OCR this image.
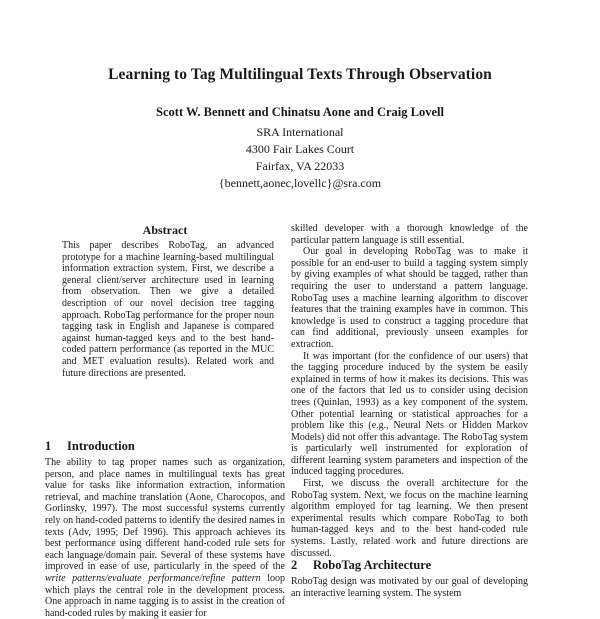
Learning to Tag Multilingual Texts Through Observation
Scott W. Bennett and Chinatsu Aone and Craig Lovell
SRA International
4300 Fair Lakes Court
Fairfax, VA 22033
{bennett,aonec,lovellc}@sra.com
Abstract

This paper describes RoboTag, an advanced prototype for a machine learning-based multilingual information extraction system. First, we describe a general client/server architecture used in learning from observation. Then we give a detailed description of our novel decision tree tagging approach. RoboTag performance for the proper noun tagging task in English and Japanese is compared against human-tagged keys and to the best hand-coded pattern performance (as reported in the MUC and MET evaluation results). Related work and future directions are presented.

1 Introduction

The ability to tag proper names such as organization, person, and place names in multilingual texts has great value for tasks like information extraction, information retrieval, and machine translation (Aone, Charocopos, and Gorlinsky, 1997). The most successful systems currently rely on hand-coded patterns to identify the desired names in texts (Adv, 1995; Def 1996). This approach achieves its best performance using different hand-coded rule sets for each language/domain pair. Several of these systems have improved in ease of use, particularly in the speed of the write patterns/evaluate performance/refine pattern loop which plays the central role in the development process. One approach in name tagging is to assist in the creation of hand-coded rules by making it easier for

skilled developer with a thorough knowledge of the particular pattern language is still essential.

Our goal in developing RoboTag was to make it possible for an end-user to build a tagging system simply by giving examples of what should be tagged, rather than requiring the user to understand a pattern language. RoboTag uses a machine learning algorithm to discover features that the training examples have in common. This knowledge is used to construct a tagging procedure that can find additional, previously unseen examples for extraction.

It was important (for the confidence of our users) that the tagging procedure induced by the system be easily explained in terms of how it makes its decisions. This was one of the factors that led us to consider using decision trees (Quinlan, 1993) as a key component of the system. Other potential learning or statistical approaches for a problem like this (e.g., Neural Nets or Hidden Markov Models) did not offer this advantage. The RoboTag system is particularly well instrumented for exploration of different learning system parameters and inspection of the induced tagging procedures.

First, we discuss the overall architecture for the RoboTag system. Next, we focus on the machine learning algorithm employed for tag learning. We then present experimental results which compare RoboTag to both human-tagged keys and to the best hand-coded rule systems. Lastly, related work and future directions are discussed.

2 RoboTag Architecture

RoboTag design was motivated by our goal of developing an interactive learning system. The system
